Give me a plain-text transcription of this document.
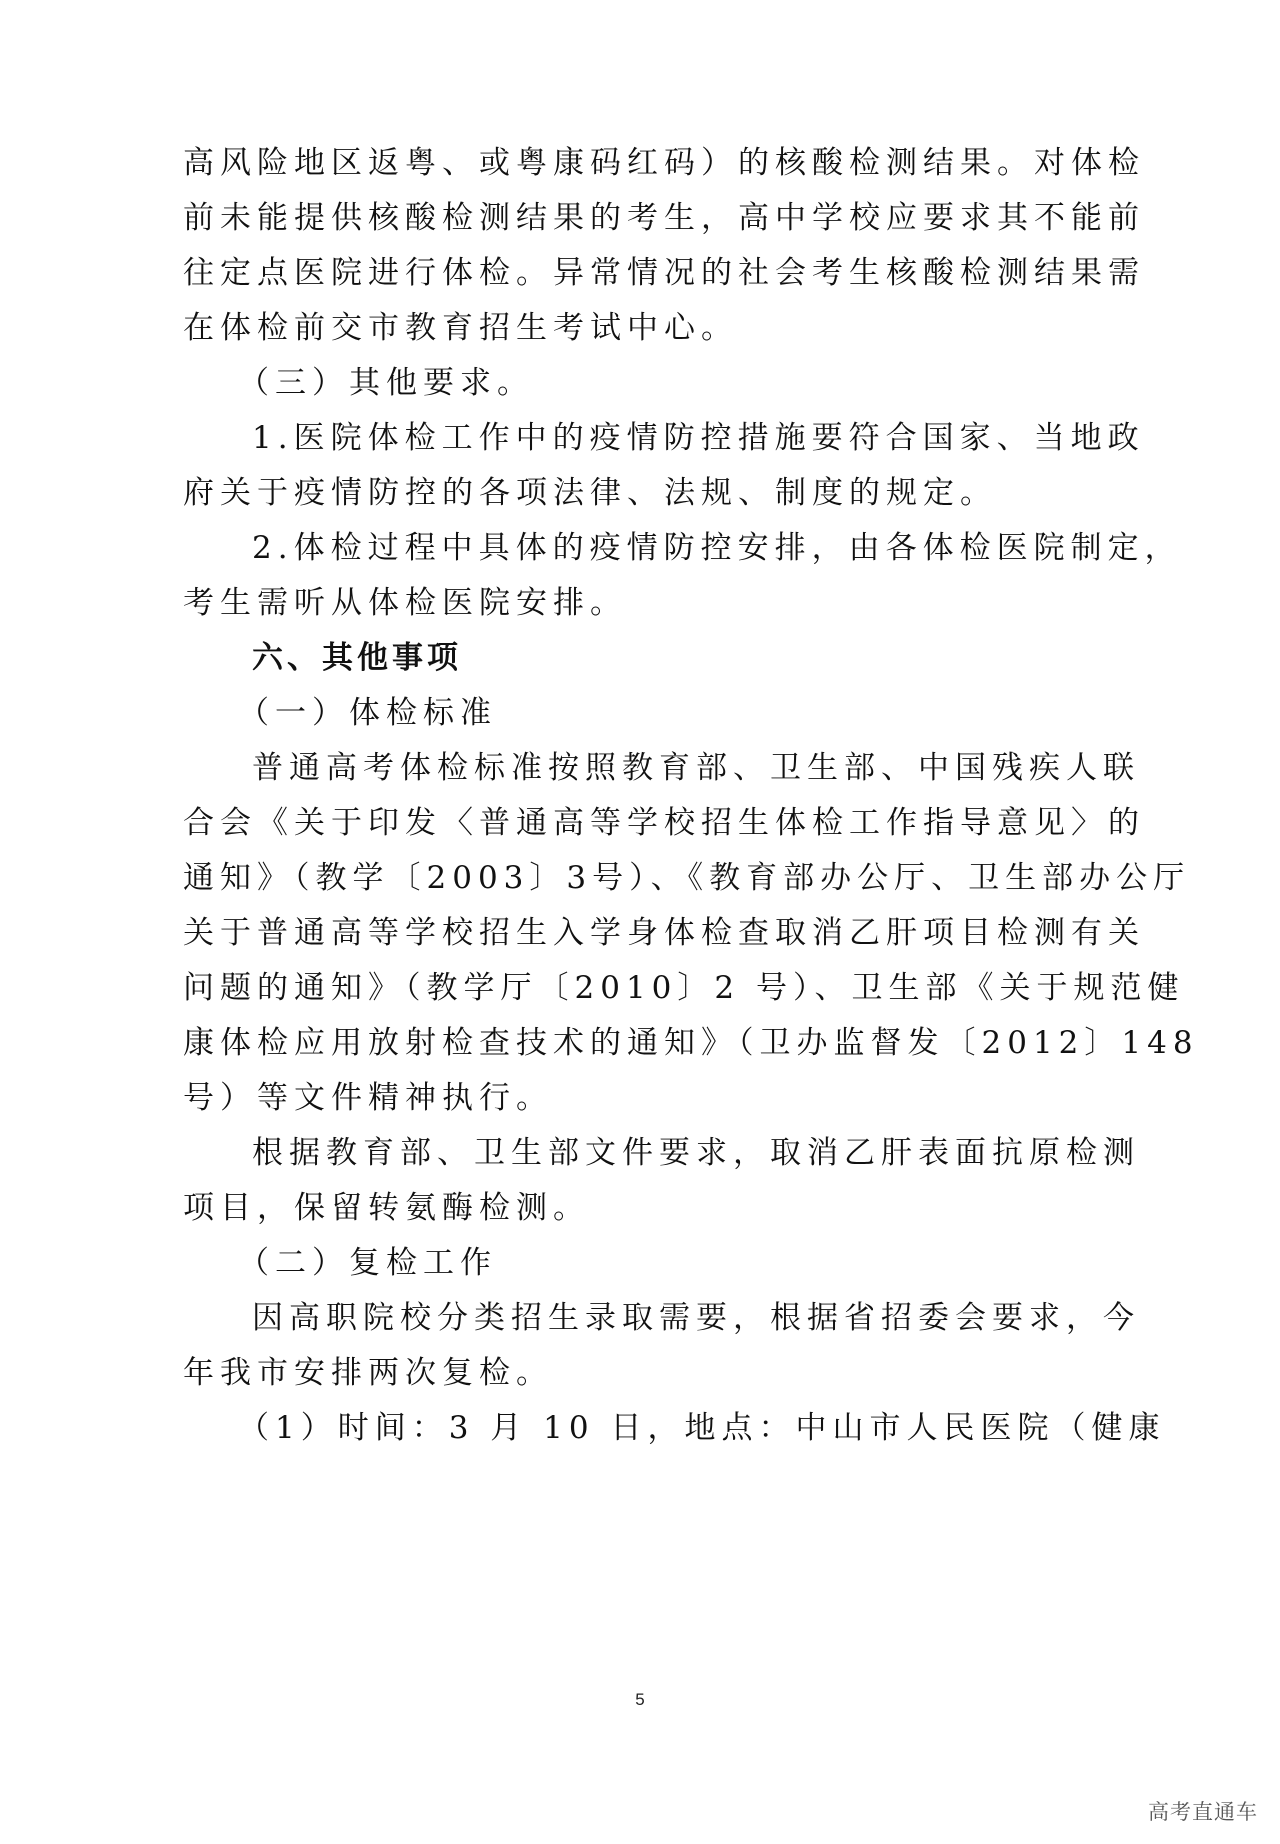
高风险地区返粤、或粤康码红码）的核酸检测结果。对体检
前未能提供核酸检测结果的考生，高中学校应要求其不能前
往定点医院进行体检。异常情况的社会考生核酸检测结果需
在体检前交市教育招生考试中心。
（三）其他要求。
1.医院体检工作中的疫情防控措施要符合国家、当地政
府关于疫情防控的各项法律、法规、制度的规定。
2.体检过程中具体的疫情防控安排，由各体检医院制定，
考生需听从体检医院安排。
六、其他事项
（一）体检标准
普通高考体检标准按照教育部、卫生部、中国残疾人联
合会《关于印发〈普通高等学校招生体检工作指导意见〉的
通知》（教学〔2003〕3号）、《教育部办公厅、卫生部办公厅
关于普通高等学校招生入学身体检查取消乙肝项目检测有关
问题的通知》（教学厅〔2010〕2 号）、卫生部《关于规范健
康体检应用放射检查技术的通知》（卫办监督发〔2012〕148
号）等文件精神执行。
根据教育部、卫生部文件要求，取消乙肝表面抗原检测
项目，保留转氨酶检测。
（二）复检工作
因高职院校分类招生录取需要，根据省招委会要求，今
年我市安排两次复检。
（1）时间：3 月 10 日，地点：中山市人民医院（健康
5
高考直通车
